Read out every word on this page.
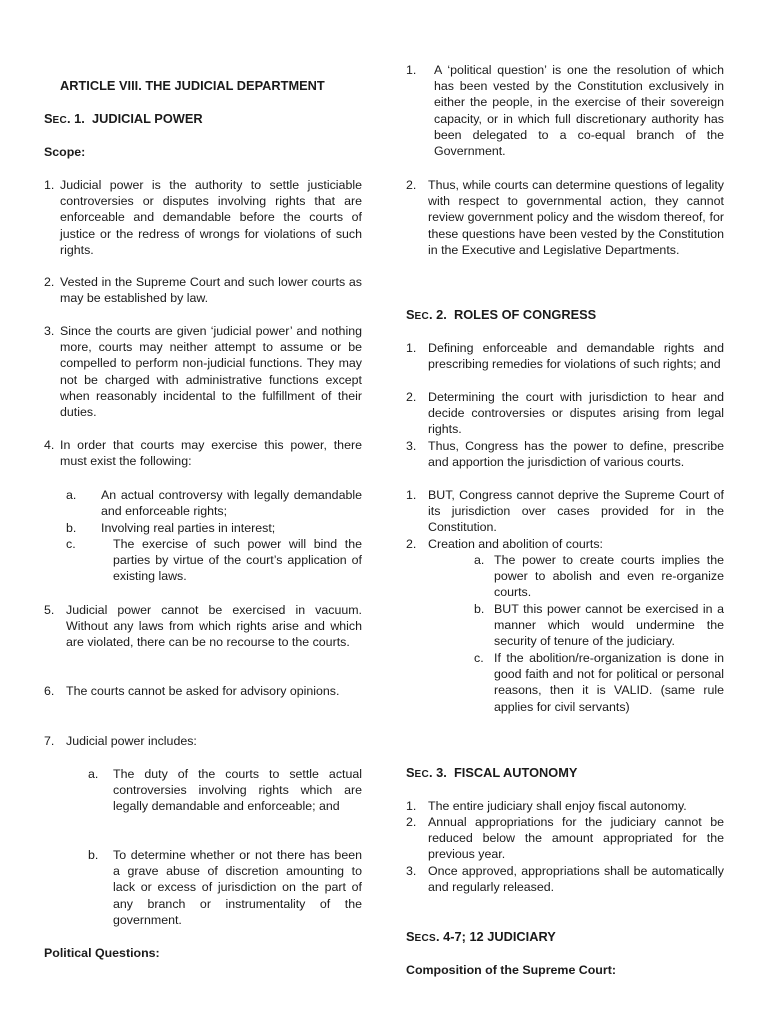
ARTICLE VIII. THE JUDICIAL DEPARTMENT
SEC. 1. JUDICIAL POWER
Scope:
1. Judicial power is the authority to settle justiciable controversies or disputes involving rights that are enforceable and demandable before the courts of justice or the redress of wrongs for violations of such rights.
2. Vested in the Supreme Court and such lower courts as may be established by law.
3. Since the courts are given ‘judicial power’ and nothing more, courts may neither attempt to assume or be compelled to perform non-judicial functions. They may not be charged with administrative functions except when reasonably incidental to the fulfillment of their duties.
4. In order that courts may exercise this power, there must exist the following:
a. An actual controversy with legally demandable and enforceable rights;
b. Involving real parties in interest;
c.	The exercise of such power will bind the parties by virtue of the court’s application of existing laws.
5. Judicial power cannot be exercised in vacuum. Without any laws from which rights arise and which are violated, there can be no recourse to the courts.
6. The courts cannot be asked for advisory opinions.
7. Judicial power includes:
a. The duty of the courts to settle actual controversies involving rights which are legally demandable and enforceable; and
b. To determine whether or not there has been a grave abuse of discretion amounting to lack or excess of jurisdiction on the part of any branch or instrumentality of the government.
Political Questions:
1. A ‘political question’ is one the resolution of which has been vested by the Constitution exclusively in either the people, in the exercise of their sovereign capacity, or in which full discretionary authority has been delegated to a co-equal branch of the Government.
2. Thus, while courts can determine questions of legality with respect to governmental action, they cannot review government policy and the wisdom thereof, for these questions have been vested by the Constitution in the Executive and Legislative Departments.
SEC. 2. ROLES OF CONGRESS
1. Defining enforceable and demandable rights and prescribing remedies for violations of such rights; and
2. Determining the court with jurisdiction to hear and decide controversies or disputes arising from legal rights.
3. Thus, Congress has the power to define, prescribe and apportion the jurisdiction of various courts.
1. BUT, Congress cannot deprive the Supreme Court of its jurisdiction over cases provided for in the Constitution.
2. Creation and abolition of courts:
a. The power to create courts implies the power to abolish and even re-organize courts.
b. BUT this power cannot be exercised in a manner which would undermine the security of tenure of the judiciary.
c. If the abolition/re-organization is done in good faith and not for political or personal reasons, then it is VALID. (same rule applies for civil servants)
SEC. 3. FISCAL AUTONOMY
1. The entire judiciary shall enjoy fiscal autonomy.
2. Annual appropriations for the judiciary cannot be reduced below the amount appropriated for the previous year.
3. Once approved, appropriations shall be automatically and regularly released.
SECS. 4-7; 12 JUDICIARY
Composition of the Supreme Court:
